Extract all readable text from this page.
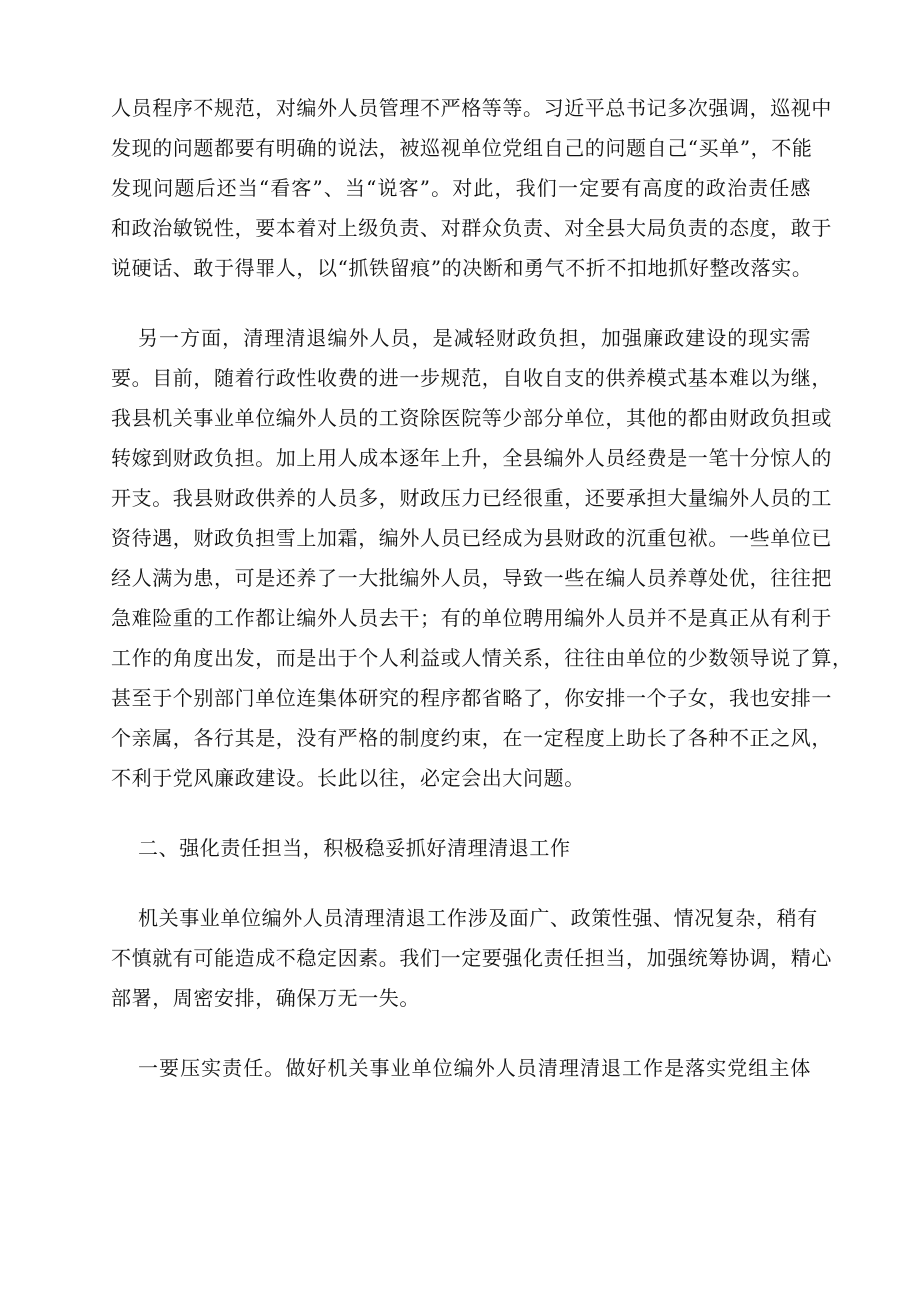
人员程序不规范，对编外人员管理不严格等等。习近平总书记多次强调，巡视中
发现的问题都要有明确的说法，被巡视单位党组自己的问题自己“买单”，不能
发现问题后还当“看客”、当“说客”。对此，我们一定要有高度的政治责任感
和政治敏锐性，要本着对上级负责、对群众负责、对全县大局负责的态度，敢于
说硬话、敢于得罪人，以“抓铁留痕”的决断和勇气不折不扣地抓好整改落实。
另一方面，清理清退编外人员，是减轻财政负担，加强廉政建设的现实需
要。目前，随着行政性收费的进一步规范，自收自支的供养模式基本难以为继，
我县机关事业单位编外人员的工资除医院等少部分单位，其他的都由财政负担或
转嫁到财政负担。加上用人成本逐年上升，全县编外人员经费是一笔十分惊人的
开支。我县财政供养的人员多，财政压力已经很重，还要承担大量编外人员的工
资待遇，财政负担雪上加霜，编外人员已经成为县财政的沉重包袱。一些单位已
经人满为患，可是还养了一大批编外人员，导致一些在编人员养尊处优，往往把
急难险重的工作都让编外人员去干；有的单位聘用编外人员并不是真正从有利于
工作的角度出发，而是出于个人利益或人情关系，往往由单位的少数领导说了算，
甚至于个别部门单位连集体研究的程序都省略了，你安排一个子女，我也安排一
个亲属，各行其是，没有严格的制度约束，在一定程度上助长了各种不正之风，
不利于党风廉政建设。长此以往，必定会出大问题。
二、强化责任担当，积极稳妥抓好清理清退工作
机关事业单位编外人员清理清退工作涉及面广、政策性强、情况复杂，稍有
不慎就有可能造成不稳定因素。我们一定要强化责任担当，加强统筹协调，精心
部署，周密安排，确保万无一失。
一要压实责任。做好机关事业单位编外人员清理清退工作是落实党组主体
